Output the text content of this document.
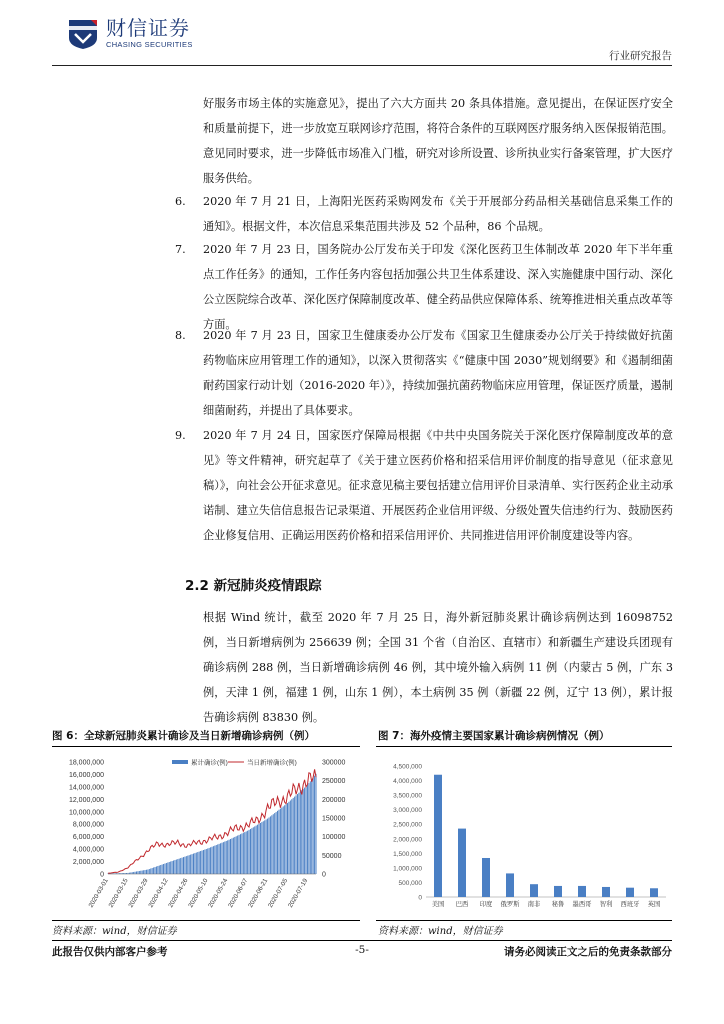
财信证券
CHASING SECURITIES
行业研究报告
好服务市场主体的实施意见》，提出了六大方面共 20 条具体措施。意见提出，在保证医疗安全和质量前提下，进一步放宽互联网诊疗范围，将符合条件的互联网医疗服务纳入医保报销范围。意见同时要求，进一步降低市场准入门槛，研究对诊所设置、诊所执业实行备案管理，扩大医疗服务供给。
6. 2020 年 7 月 21 日，上海阳光医药采购网发布《关于开展部分药品相关基础信息采集工作的通知》。根据文件，本次信息采集范围共涉及 52 个品种，86 个品规。
7. 2020 年 7 月 23 日，国务院办公厅发布关于印发《深化医药卫生体制改革 2020 年下半年重点工作任务》的通知，工作任务内容包括加强公共卫生体系建设、深入实施健康中国行动、深化公立医院综合改革、深化医疗保障制度改革、健全药品供应保障体系、统筹推进相关重点改革等方面。
8. 2020 年 7 月 23 日，国家卫生健康委办公厅发布《国家卫生健康委办公厅关于持续做好抗菌药物临床应用管理工作的通知》，以深入贯彻落实《“健康中国 2030”规划纲要》和《遏制细菌耐药国家行动计划（2016-2020 年）》，持续加强抗菌药物临床应用管理，保证医疗质量，遏制细菌耐药，并提出了具体要求。
9. 2020 年 7 月 24 日，国家医疗保障局根据《中共中央国务院关于深化医疗保障制度改革的意见》等文件精神，研究起草了《关于建立医药价格和招采信用评价制度的指导意见（征求意见稿）》，向社会公开征求意见。征求意见稿主要包括建立信用评价目录清单、实行医药企业主动承诺制、建立失信信息报告记录渠道、开展医药企业信用评级、分级处置失信违约行为、鼓励医药企业修复信用、正确运用医药价格和招采信用评价、共同推进信用评价制度建设等内容。
2.2 新冠肺炎疫情跟踪
根据 Wind 统计，截至 2020 年 7 月 25 日，海外新冠肺炎累计确诊病例达到 16098752 例，当日新增病例为 256639 例；全国 31 个省（自治区、直辖市）和新疆生产建设兵团现有确诊病例 288 例，当日新增确诊病例 46 例，其中境外输入病例 11 例（内蒙古 5 例，广东 3 例，天津 1 例，福建 1 例，山东 1 例），本土病例 35 例（新疆 22 例，辽宁 13 例），累计报告确诊病例 83830 例。
图 6：全球新冠肺炎累计确诊及当日新增确诊病例（例）	图 7：海外疫情主要国家累计确诊病例情况（例）
0
2,000,000
4,000,000
6,000,000
8,000,000
10,000,000
12,000,000
14,000,000
16,000,000
18,000,000
0
50000
100000
150000
200000
250000
300000
2020-03-01
2020-03-15
2020-03-29
2020-04-12
2020-04-26
2020-05-10
2020-05-24
2020-06-07
2020-06-21
2020-07-05
2020-07-19
累计确诊(例)	当日新增确诊(例)
0
500,000
1,000,000
1,500,000
2,000,000
2,500,000
3,000,000
3,500,000
4,000,000
4,500,000
美国 巴西 印度 俄罗斯 南非 秘鲁 墨西哥 智利 西班牙 英国
资料来源：wind，财信证券	资料来源：wind，财信证券
此报告仅供内部客户参考	-5-	请务必阅读正文之后的免责条款部分
